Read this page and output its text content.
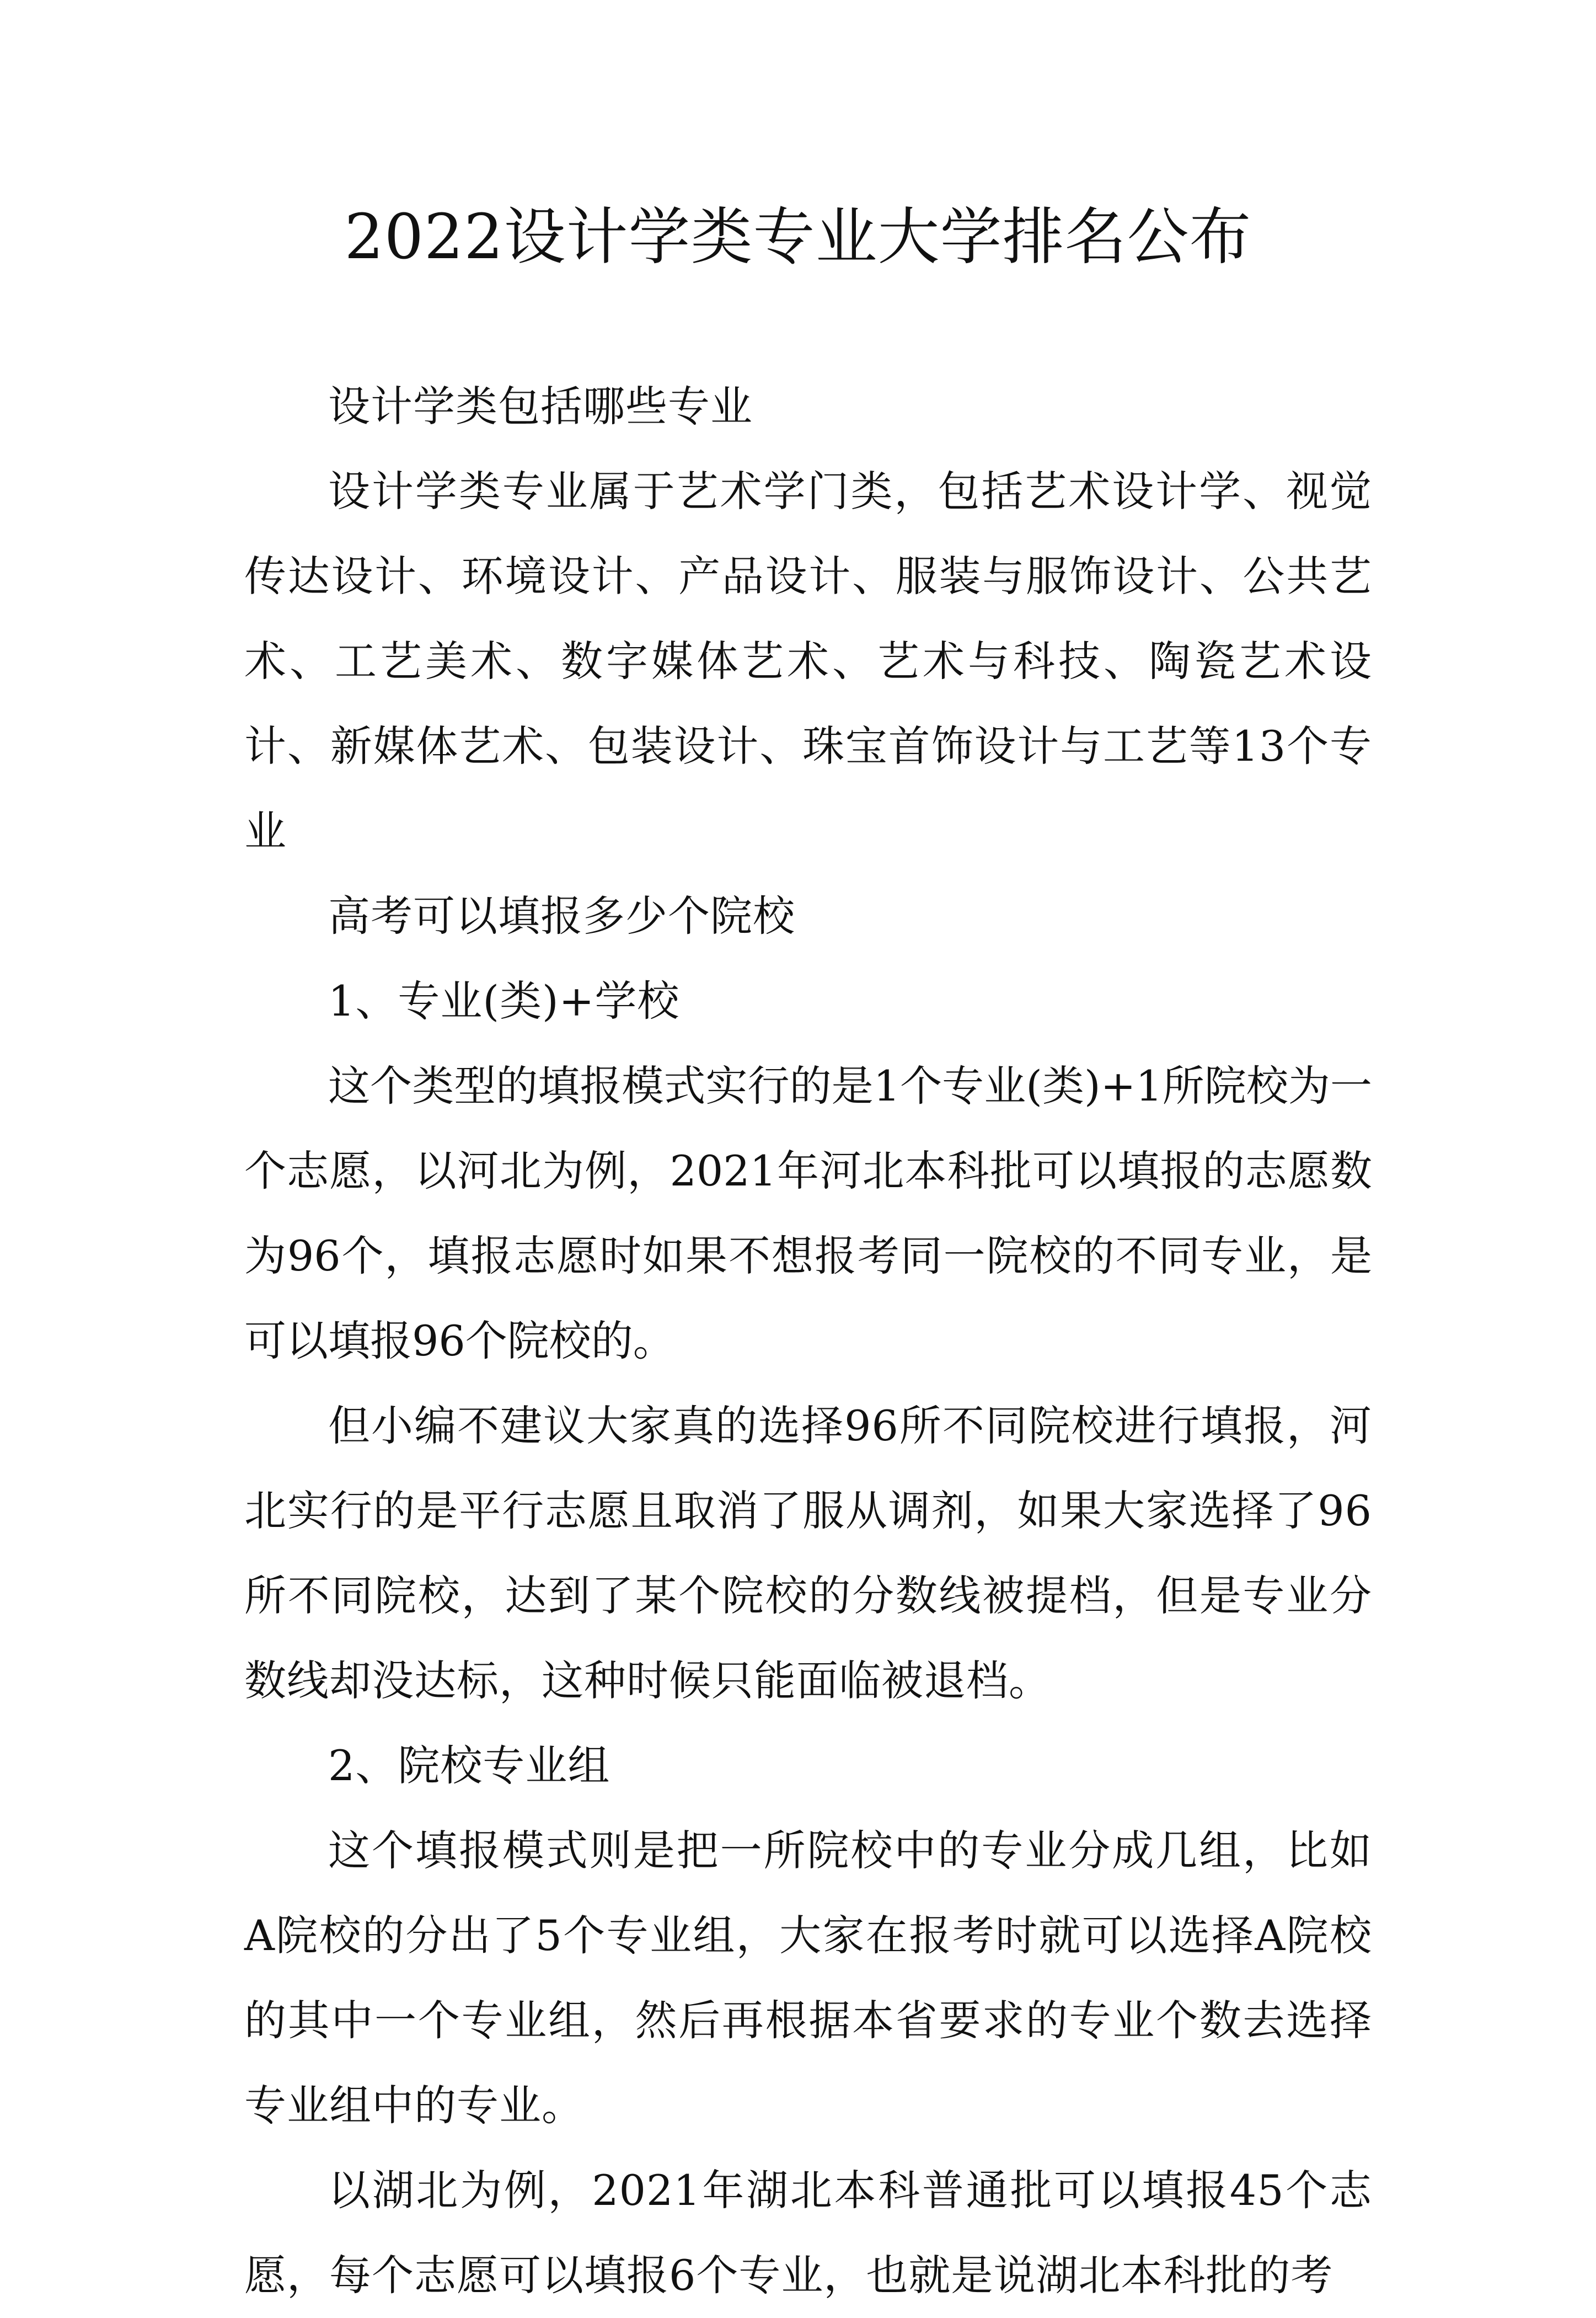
2022设计学类专业大学排名公布

设计学类包括哪些专业

设计学类专业属于艺术学门类，包括艺术设计学、视觉传达设计、环境设计、产品设计、服装与服饰设计、公共艺术、工艺美术、数字媒体艺术、艺术与科技、陶瓷艺术设计、新媒体艺术、包装设计、珠宝首饰设计与工艺等13个专业

高考可以填报多少个院校

1、专业(类)+学校

这个类型的填报模式实行的是1个专业(类)+1所院校为一个志愿，以河北为例，2021年河北本科批可以填报的志愿数为96个，填报志愿时如果不想报考同一院校的不同专业，是可以填报96个院校的。

但小编不建议大家真的选择96所不同院校进行填报，河北实行的是平行志愿且取消了服从调剂，如果大家选择了96所不同院校，达到了某个院校的分数线被提档，但是专业分数线却没达标，这种时候只能面临被退档。

2、院校专业组

这个填报模式则是把一所院校中的专业分成几组，比如A院校的分出了5个专业组，大家在报考时就可以选择A院校的其中一个专业组，然后再根据本省要求的专业个数去选择专业组中的专业。

以湖北为例，2021年湖北本科普通批可以填报45个志愿，每个志愿可以填报6个专业，也就是说湖北本科批的考
